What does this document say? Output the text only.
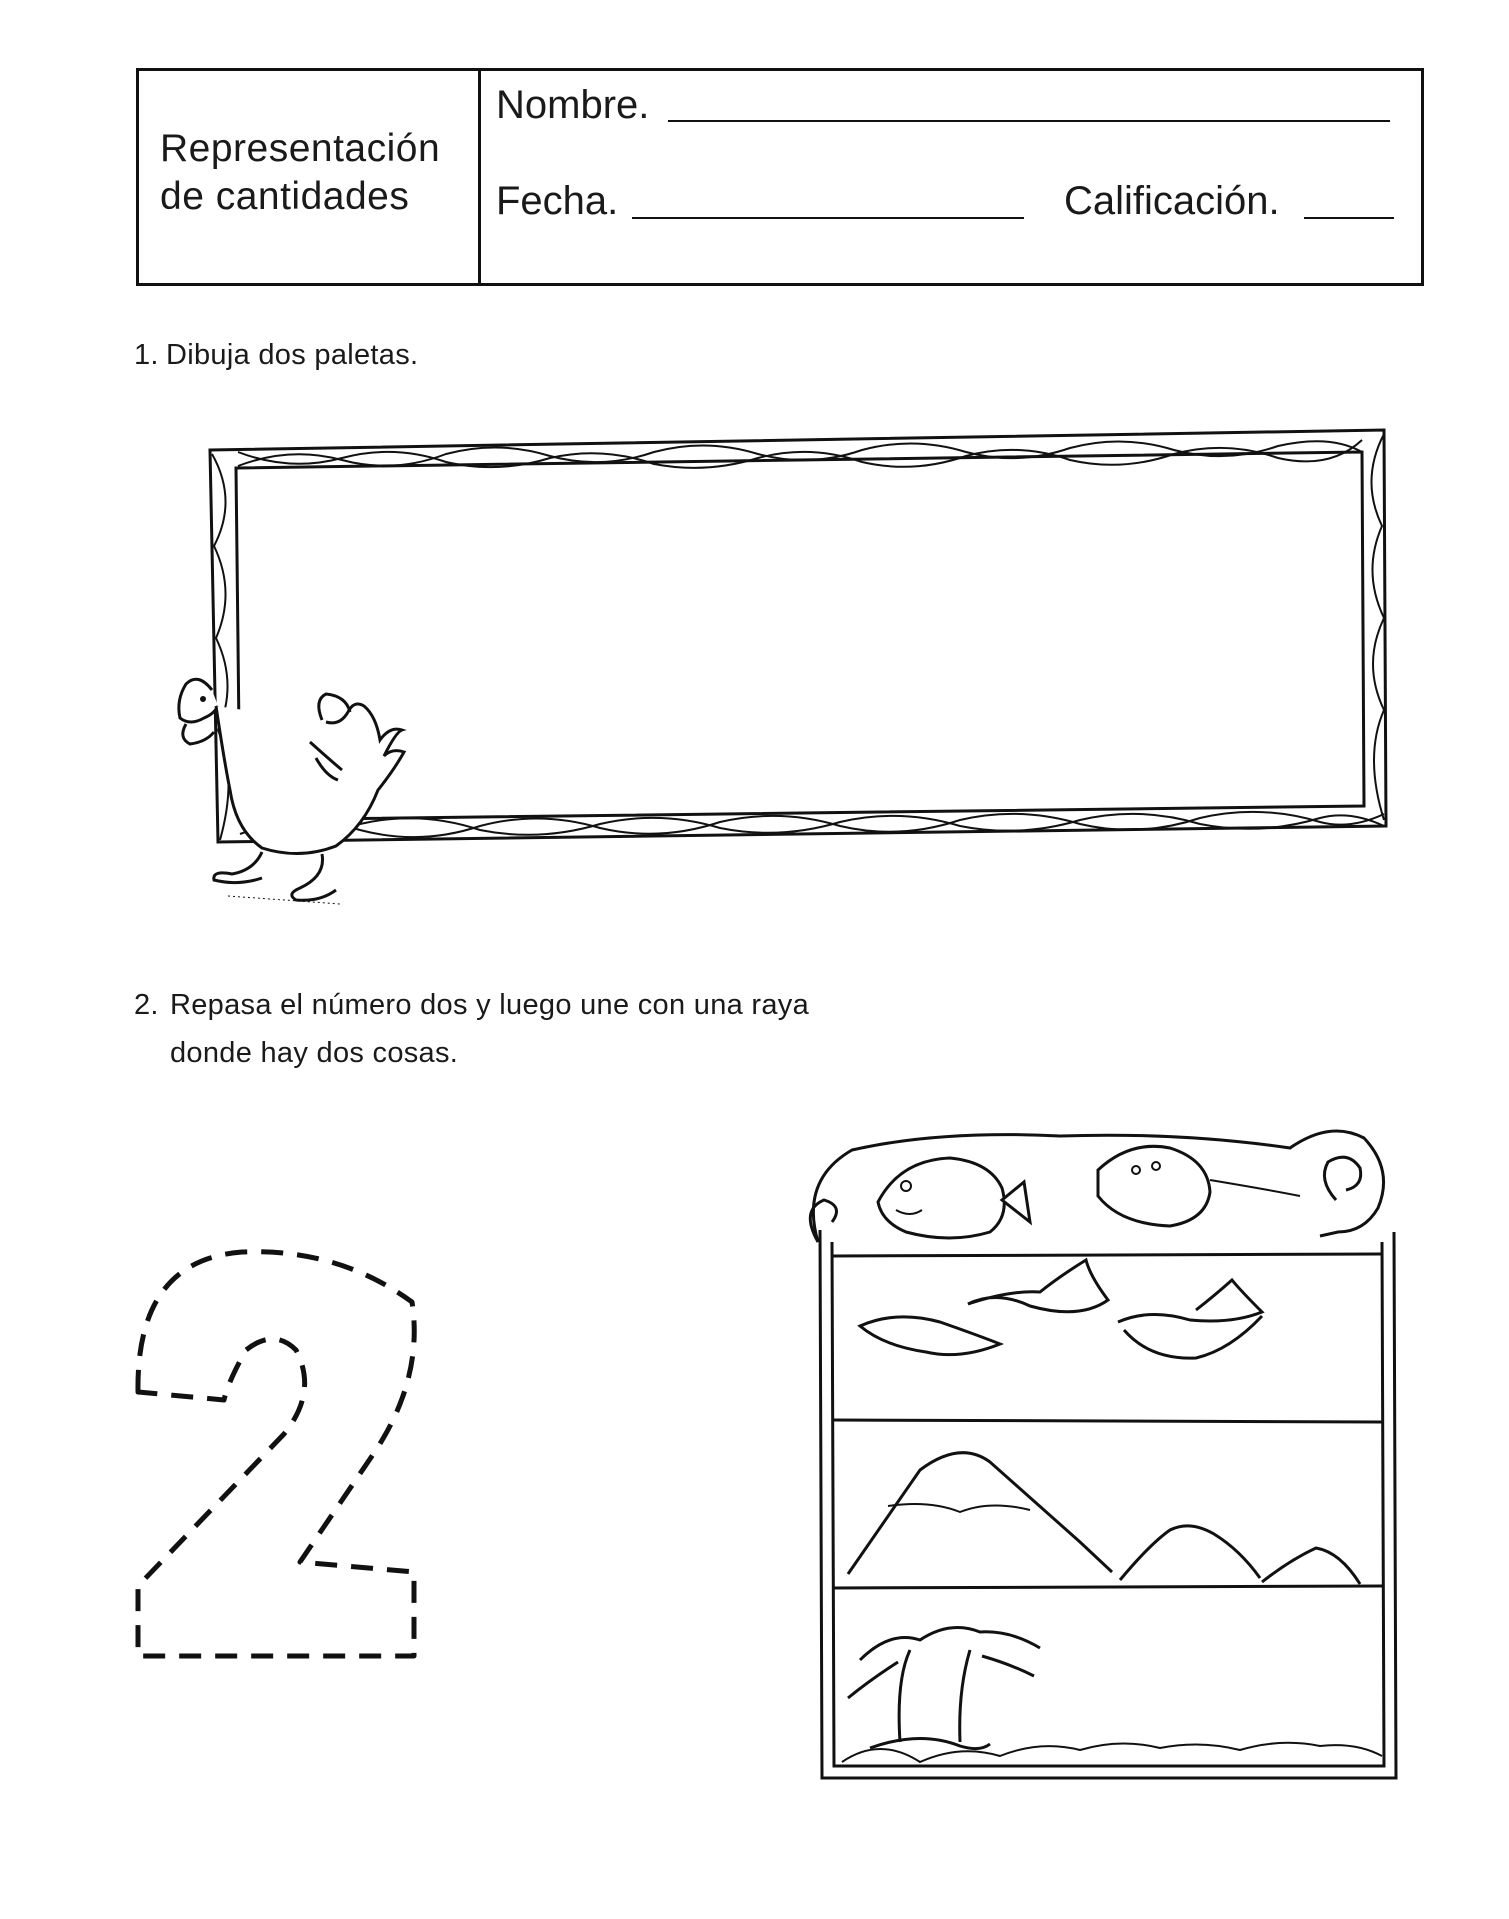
Representación
de cantidades
Nombre.
Fecha.	Calificación.
1. Dibuja dos paletas.
2. Repasa el número dos y luego une con una raya
donde hay dos cosas.
